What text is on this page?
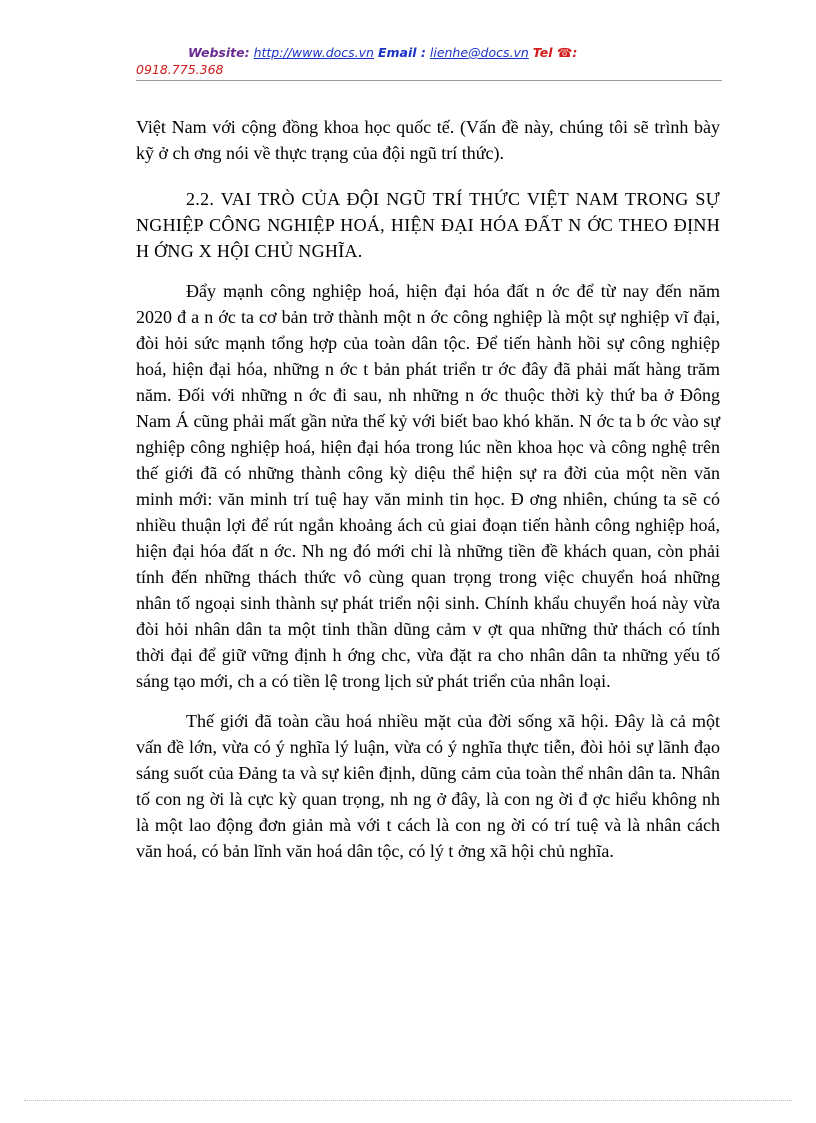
Website: http://www.docs.vn Email : lienhe@docs.vn Tel ☎:
0918.775.368

Việt Nam với cộng đồng khoa học quốc tế. (Vấn đề này, chúng tôi sẽ trình bày kỹ ở ch ơng nói về thực trạng của đội ngũ trí thức).

2.2. VAI TRÒ CỦA ĐỘI NGŨ TRÍ THỨC VIỆT NAM TRONG SỰ NGHIỆP CÔNG NGHIỆP HOÁ, HIỆN ĐẠI HÓA ĐẤT N ỚC THEO ĐỊNH H ỚNG X HỘI CHỦ NGHĨA.

Đẩy mạnh công nghiệp hoá, hiện đại hóa đất n ớc để từ nay đến năm 2020 đ a n ớc ta cơ bản trở thành một n ớc công nghiệp là một sự nghiệp vĩ đại, đòi hỏi sức mạnh tổng hợp của toàn dân tộc. Để tiến hành hồi sự công nghiệp hoá, hiện đại hóa, những n ớc t bản phát triển tr ớc đây đã phải mất hàng trăm năm. Đối với những n ớc đi sau, nh những n ớc thuộc thời kỳ thứ ba ở Đông Nam Á cũng phải mất gần nửa thế kỷ với biết bao khó khăn. N ớc ta b ớc vào sự nghiệp công nghiệp hoá, hiện đại hóa trong lúc nền khoa học và công nghệ trên thế giới đã có những thành công kỳ diệu thể hiện sự ra đời của một nền văn minh mới: văn minh trí tuệ hay văn minh tin học. Đ ơng nhiên, chúng ta sẽ có nhiều thuận lợi để rút ngắn khoảng ách củ giai đoạn tiến hành công nghiệp hoá, hiện đại hóa đất n ớc. Nh ng đó mới chỉ là những tiền đề khách quan, còn phải tính đến những thách thức vô cùng quan trọng trong việc chuyển hoá những nhân tố ngoại sinh thành sự phát triển nội sinh. Chính khẩu chuyển hoá này vừa đòi hỏi nhân dân ta một tinh thần dũng cảm v ợt qua những thử thách có tính thời đại để giữ vững định h ớng chc, vừa đặt ra cho nhân dân ta những yếu tố sáng tạo mới, ch a có tiền lệ trong lịch sử phát triển của nhân loại.

Thế giới đã toàn cầu hoá nhiều mặt của đời sống xã hội. Đây là cả một vấn đề lớn, vừa có ý nghĩa lý luận, vừa có ý nghĩa thực tiễn, đòi hỏi sự lãnh đạo sáng suốt của Đảng ta và sự kiên định, dũng cảm của toàn thể nhân dân ta. Nhân tố con ng ời là cực kỳ quan trọng, nh ng ở đây, là con ng ời đ ợc hiểu không nh là một lao động đơn giản mà với t cách là con ng ời có trí tuệ và là nhân cách văn hoá, có bản lĩnh văn hoá dân tộc, có lý t ởng xã hội chủ nghĩa.
